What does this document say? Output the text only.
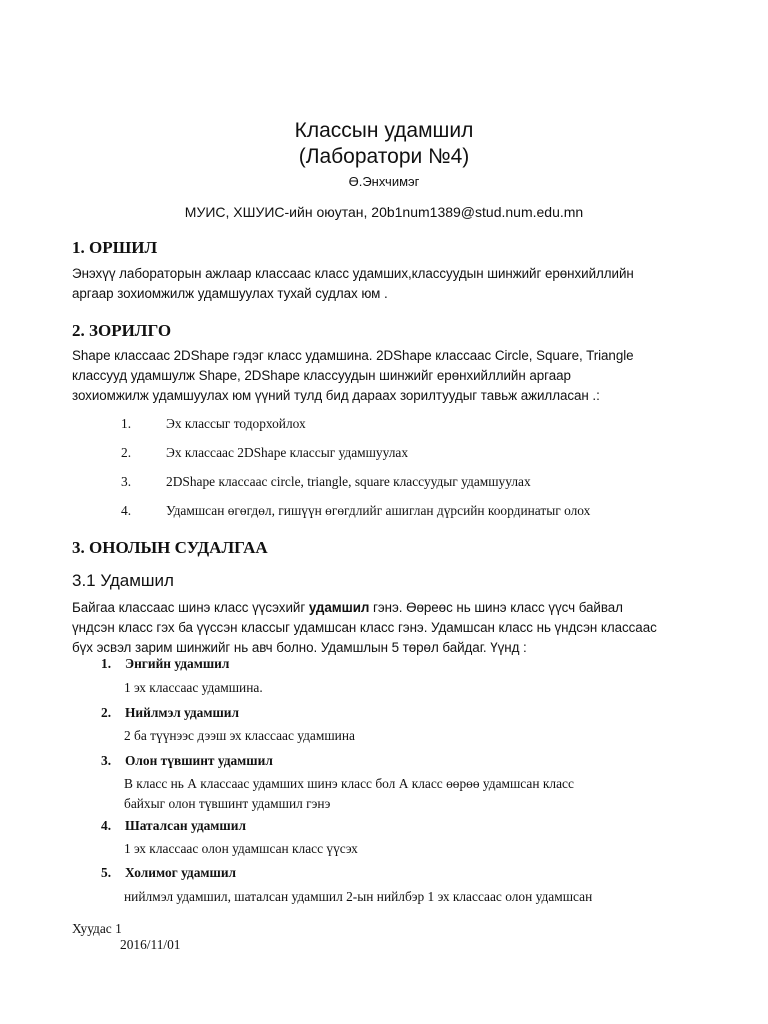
Классын удамшил
(Лаборатори №4)
Ө.Энхчимэг
МУИС, ХШУИС-ийн оюутан, 20b1num1389@stud.num.edu.mn
1. ОРШИЛ
Энэхүү лабораторын ажлаар классаас класс удамших,классуудын шинжийг ерөнхийллийн
аргаар зохиомжилж удамшуулах тухай судлах юм .
2. ЗОРИЛГО
Shape классаас 2DShape гэдэг класс удамшина. 2DShape классаас Circle, Square, Triangle
классууд удамшулж Shape, 2DShape классуудын шинжийг ерөнхийллийн аргаар
зохиомжилж удамшуулах юм үүний тулд бид дараах зорилтуудыг тавьж ажилласан .:
1.	Эх классыг тодорхойлох
2.	Эх классаас 2DShape классыг удамшуулах
3.	2DShape классаас circle, triangle, square классуудыг удамшуулах
4.	Удамшсан өгөгдөл, гишүүн өгөгдлийг ашиглан дүрсийн координатыг олох
3. ОНОЛЫН СУДАЛГАА
3.1 Удамшил
Байгаа классаас шинэ класс үүсэхийг удамшил гэнэ. Өөреөс нь шинэ класс үүсч байвал
үндсэн класс гэх ба үүссэн классыг удамшсан класс гэнэ. Удамшсан класс нь үндсэн классаас
бүх эсвэл зарим шинжийг нь авч болно. Удамшлын 5 төрөл байдаг. Үүнд :
1. Энгийн удамшил
1 эх классаас удамшина.
2. Нийлмэл удамшил
2 ба түүнээс дээш эх классаас удамшина
3. Олон түвшинт удамшил
В класс нь А классаас удамших шинэ класс бол А класс өөрөө удамшсан класс
байхыг олон түвшинт удамшил гэнэ
4. Шаталсан удамшил
1 эх классаас олон удамшсан класс үүсэх
5. Холимог удамшил
нийлмэл удамшил, шаталсан удамшил 2-ын нийлбэр 1 эх классаас олон удамшсан
Хуудас 1
2016/11/01
